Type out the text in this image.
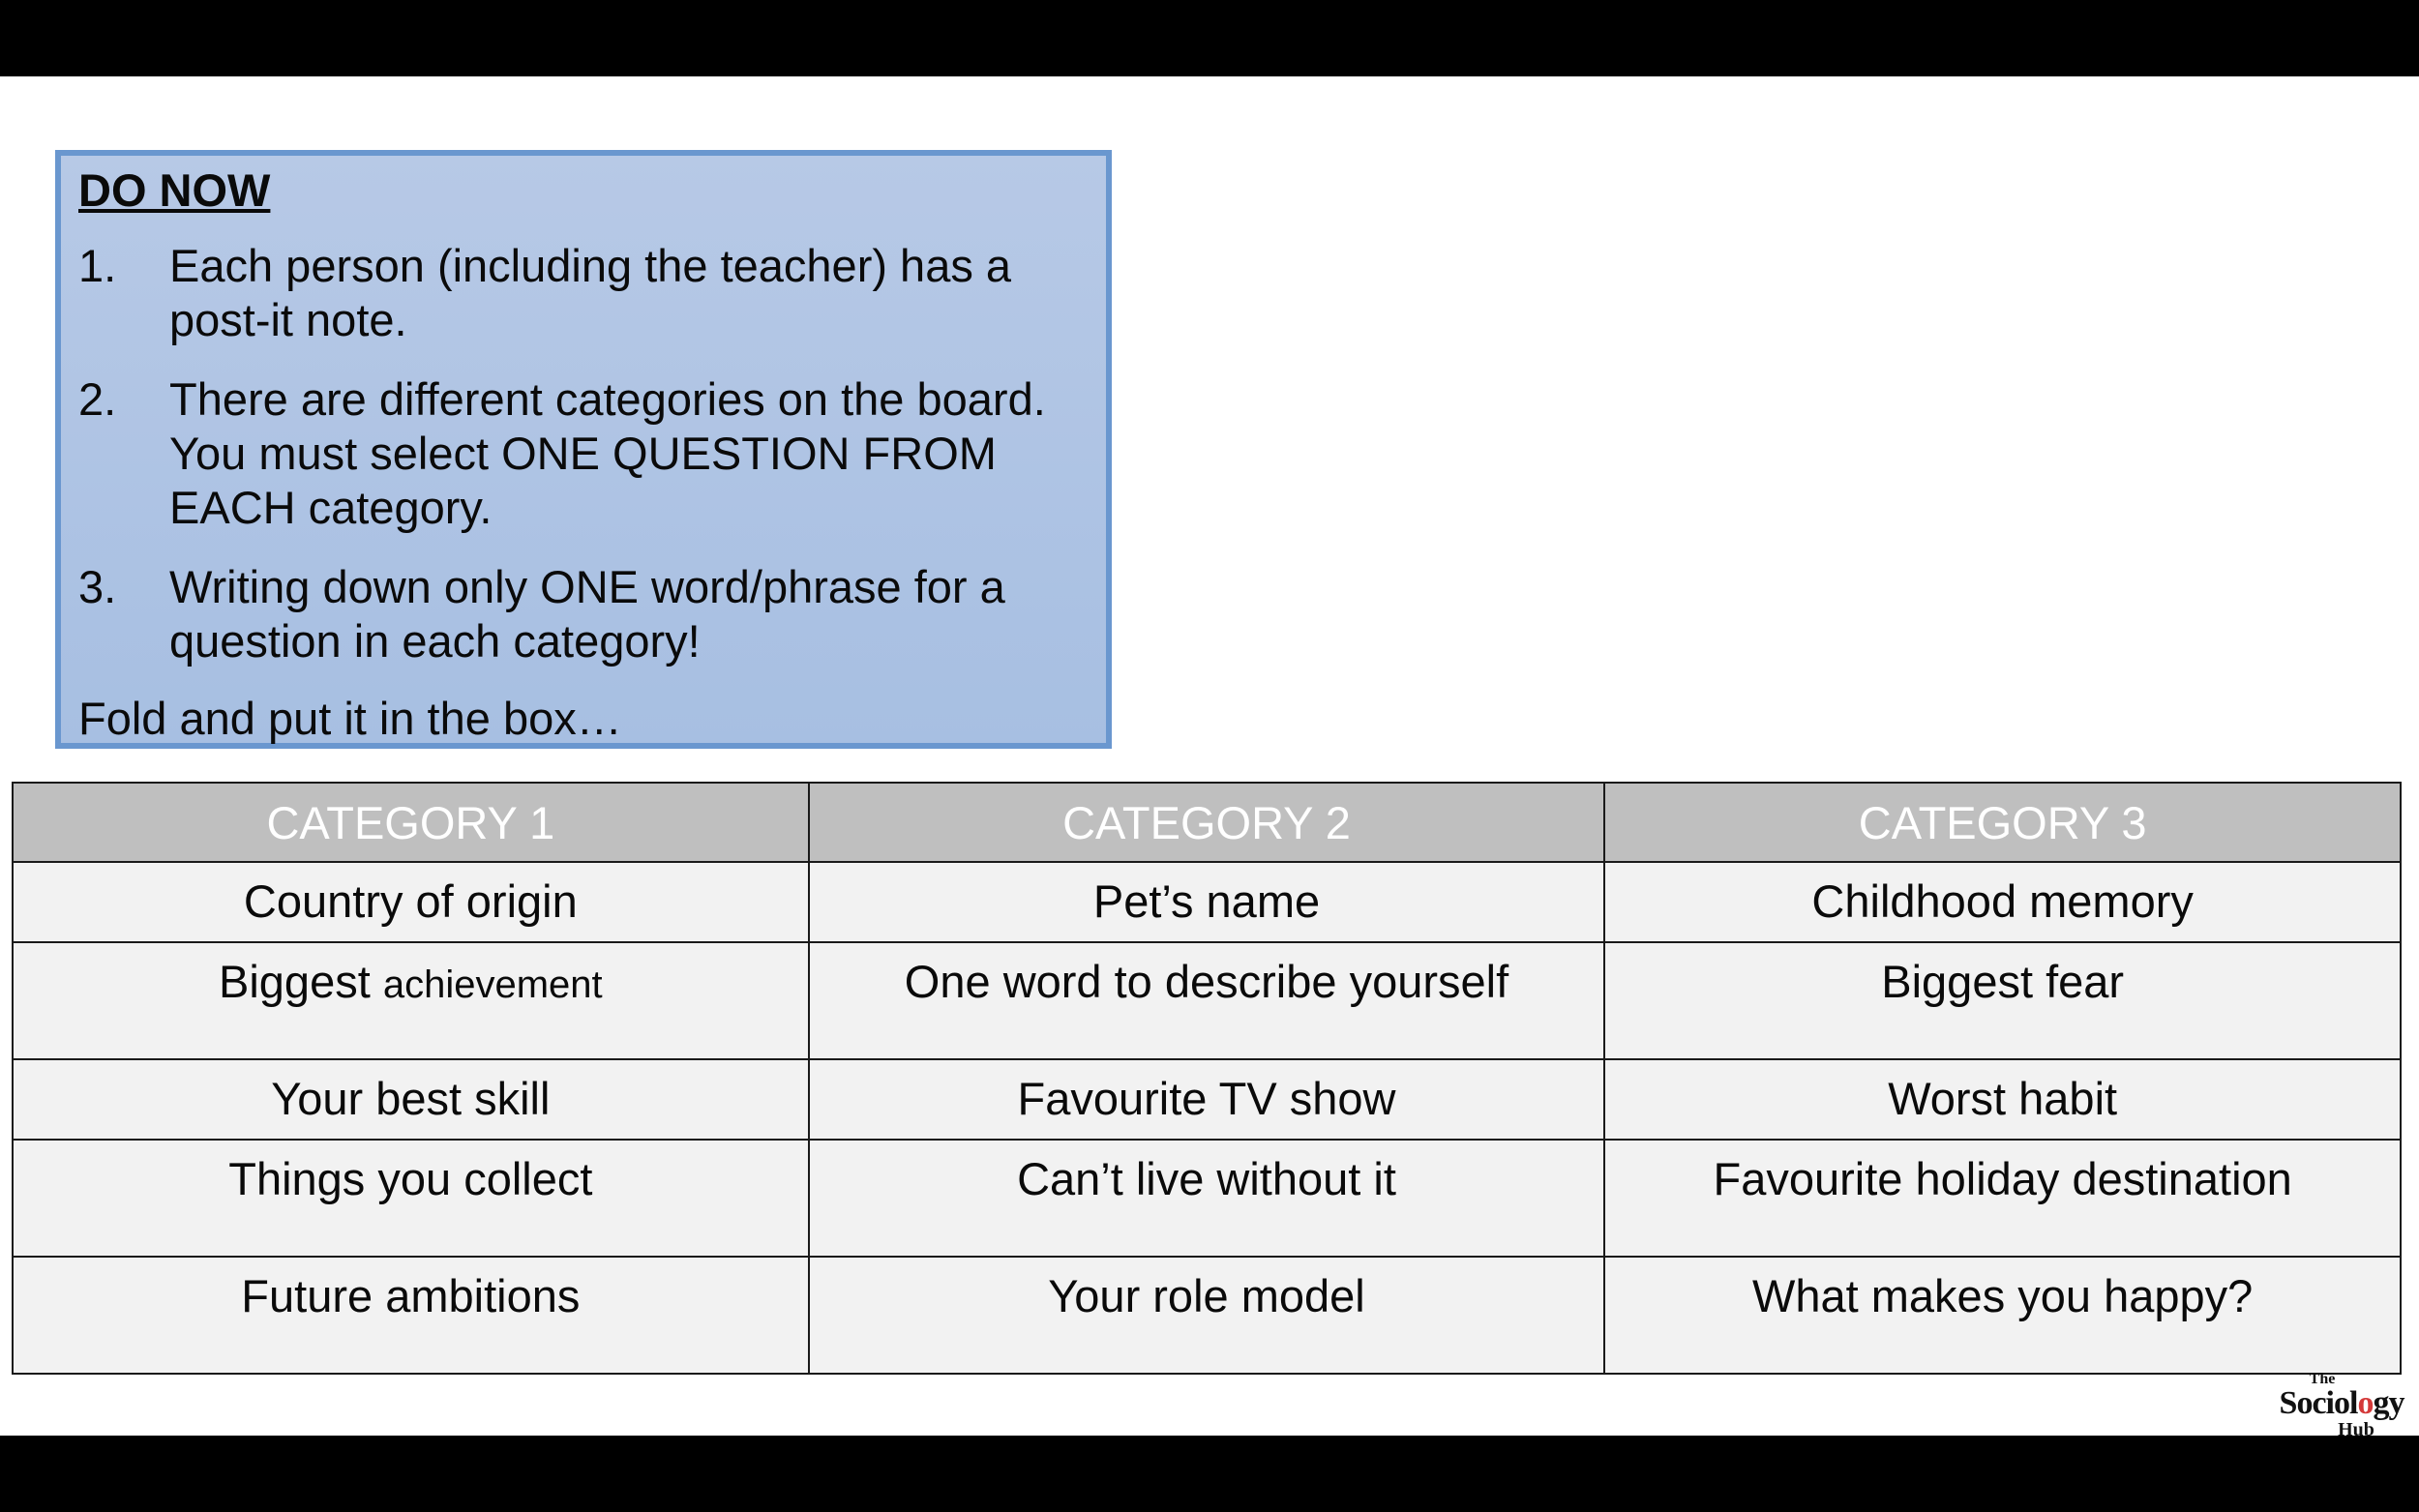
DO NOW
1. Each person (including the teacher) has a post-it note.
2. There are different categories on the board. You must select ONE QUESTION FROM EACH category.
3. Writing down only ONE word/phrase for a question in each category!
Fold and put it in the box…
CATEGORY 1	CATEGORY 2	CATEGORY 3
Country of origin	Pet’s name	Childhood memory
Biggest achievement	One word to describe yourself	Biggest fear
Your best skill	Favourite TV show	Worst habit
Things you collect	Can’t live without it	Favourite holiday destination
Future ambitions	Your role model	What makes you happy?
The
Sociology
Hub
